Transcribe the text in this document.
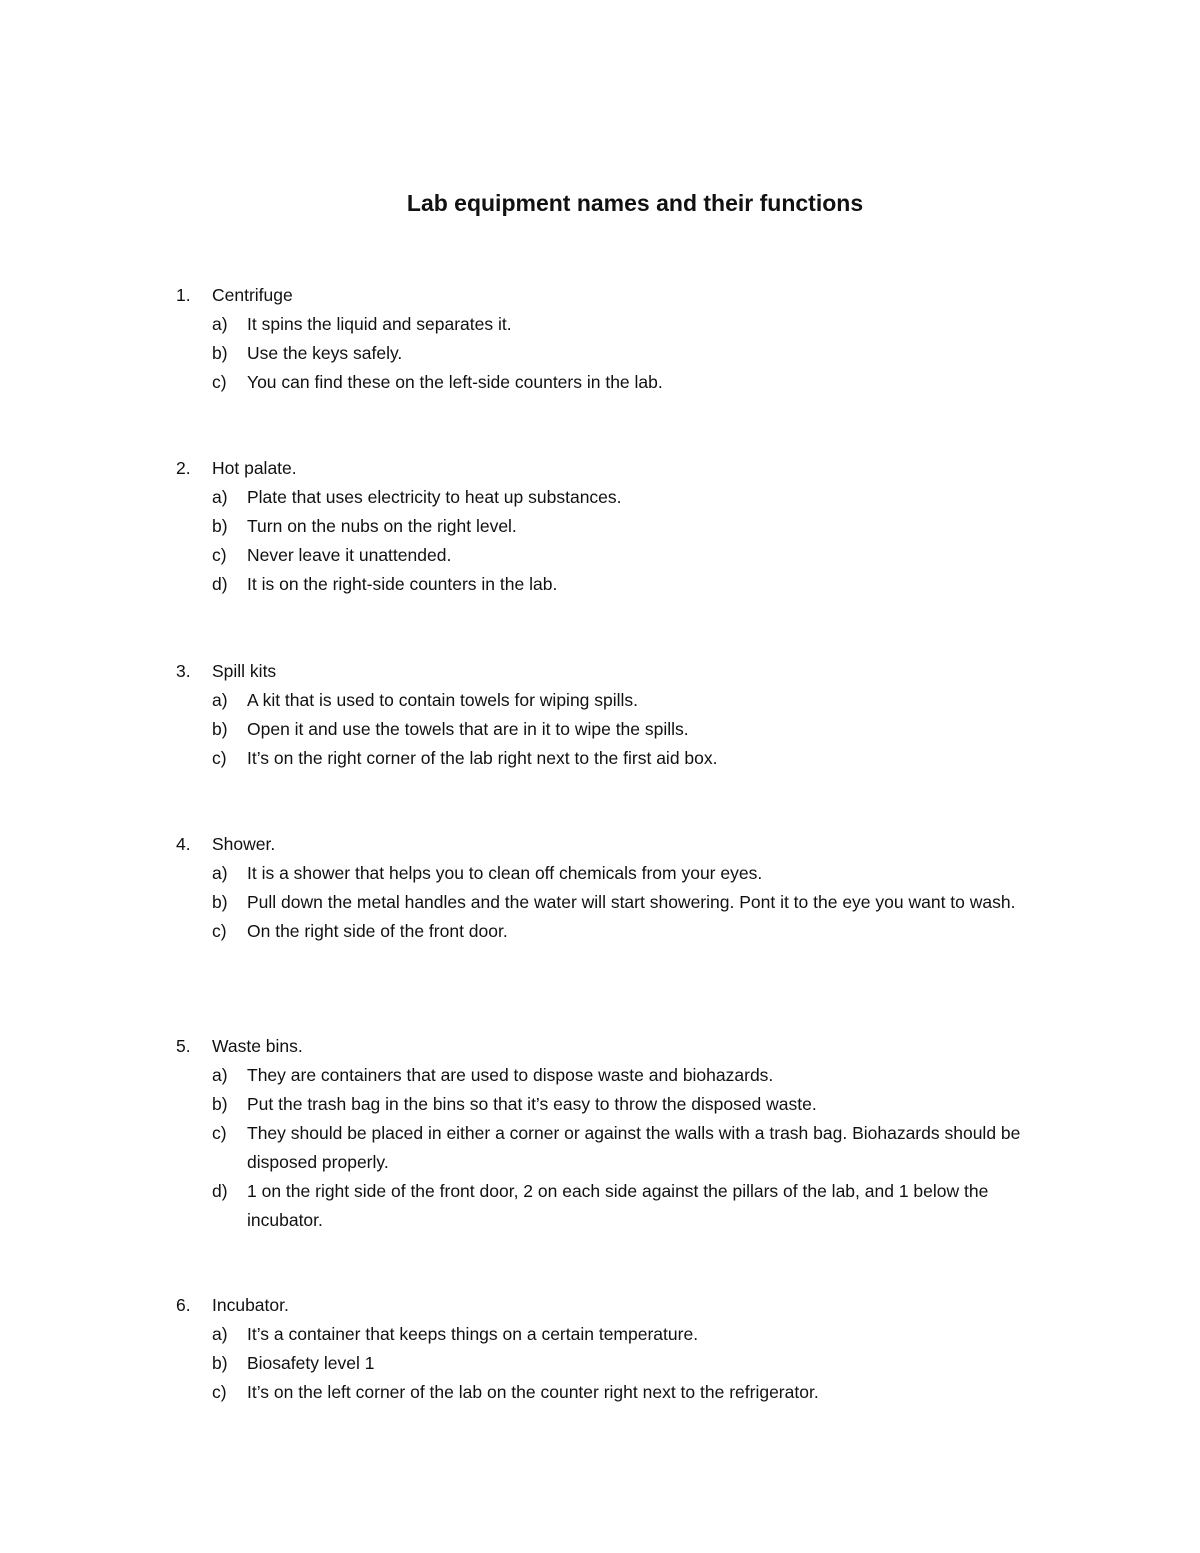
Lab equipment names and their functions
1.	Centrifuge
a)	It spins the liquid and separates it.
b)	Use the keys safely.
c)	You can find these on the left-side counters in the lab.
2.	Hot palate.
a)	Plate that uses electricity to heat up substances.
b)	Turn on the nubs on the right level.
c)	Never leave it unattended.
d)	It is on the right-side counters in the lab.
3.	Spill kits
a)	A kit that is used to contain towels for wiping spills.
b)	Open it and use the towels that are in it to wipe the spills.
c)	It’s on the right corner of the lab right next to the first aid box.
4.	Shower.
a)	It is a shower that helps you to clean off chemicals from your eyes.
b)	Pull down the metal handles and the water will start showering. Pont it to the eye you want to wash.
c)	On the right side of the front door.
5.	Waste bins.
a)	They are containers that are used to dispose waste and biohazards.
b)	Put the trash bag in the bins so that it’s easy to throw the disposed waste.
c)	They should be placed in either a corner or against the walls with a trash bag. Biohazards should be disposed properly.
d)	1 on the right side of the front door, 2 on each side against the pillars of the lab, and 1 below the incubator.
6.	Incubator.
a)	It’s a container that keeps things on a certain temperature.
b)	Biosafety level 1
c)	It’s on the left corner of the lab on the counter right next to the refrigerator.
